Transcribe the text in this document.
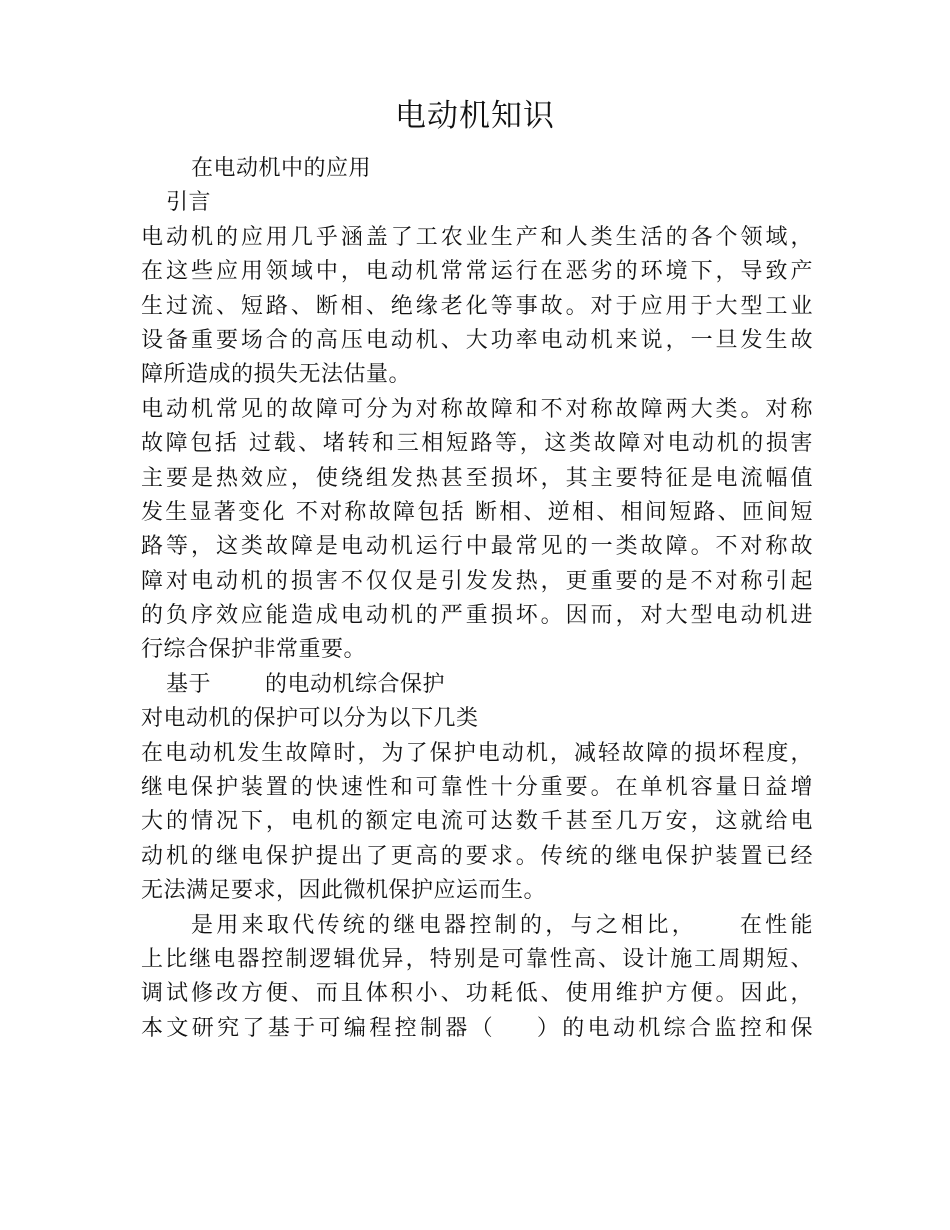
电动机知识
在电动机中的应用
引言
电动机的应用几乎涵盖了工农业生产和人类生活的各个领域，
在这些应用领域中，电动机常常运行在恶劣的环境下，导致产
生过流、短路、断相、绝缘老化等事故。对于应用于大型工业
设备重要场合的高压电动机、大功率电动机来说，一旦发生故
障所造成的损失无法估量。
电动机常见的故障可分为对称故障和不对称故障两大类。对称
故障包括 过载、堵转和三相短路等，这类故障对电动机的损害
主要是热效应，使绕组发热甚至损坏，其主要特征是电流幅值
发生显著变化 不对称故障包括 断相、逆相、相间短路、匝间短
路等，这类故障是电动机运行中最常见的一类故障。不对称故
障对电动机的损害不仅仅是引发发热，更重要的是不对称引起
的负序效应能造成电动机的严重损坏。因而，对大型电动机进
行综合保护非常重要。
基于 的电动机综合保护
对电动机的保护可以分为以下几类
在电动机发生故障时，为了保护电动机，减轻故障的损坏程度，
继电保护装置的快速性和可靠性十分重要。在单机容量日益增
大的情况下，电机的额定电流可达数千甚至几万安，这就给电
动机的继电保护提出了更高的要求。传统的继电保护装置已经
无法满足要求，因此微机保护应运而生。
是用来取代传统的继电器控制的，与之相比， 在性能
上比继电器控制逻辑优异，特别是可靠性高、设计施工周期短、
调试修改方便、而且体积小、功耗低、使用维护方便。因此，
本文研究了基于可编程控制器（ ）的电动机综合监控和保
